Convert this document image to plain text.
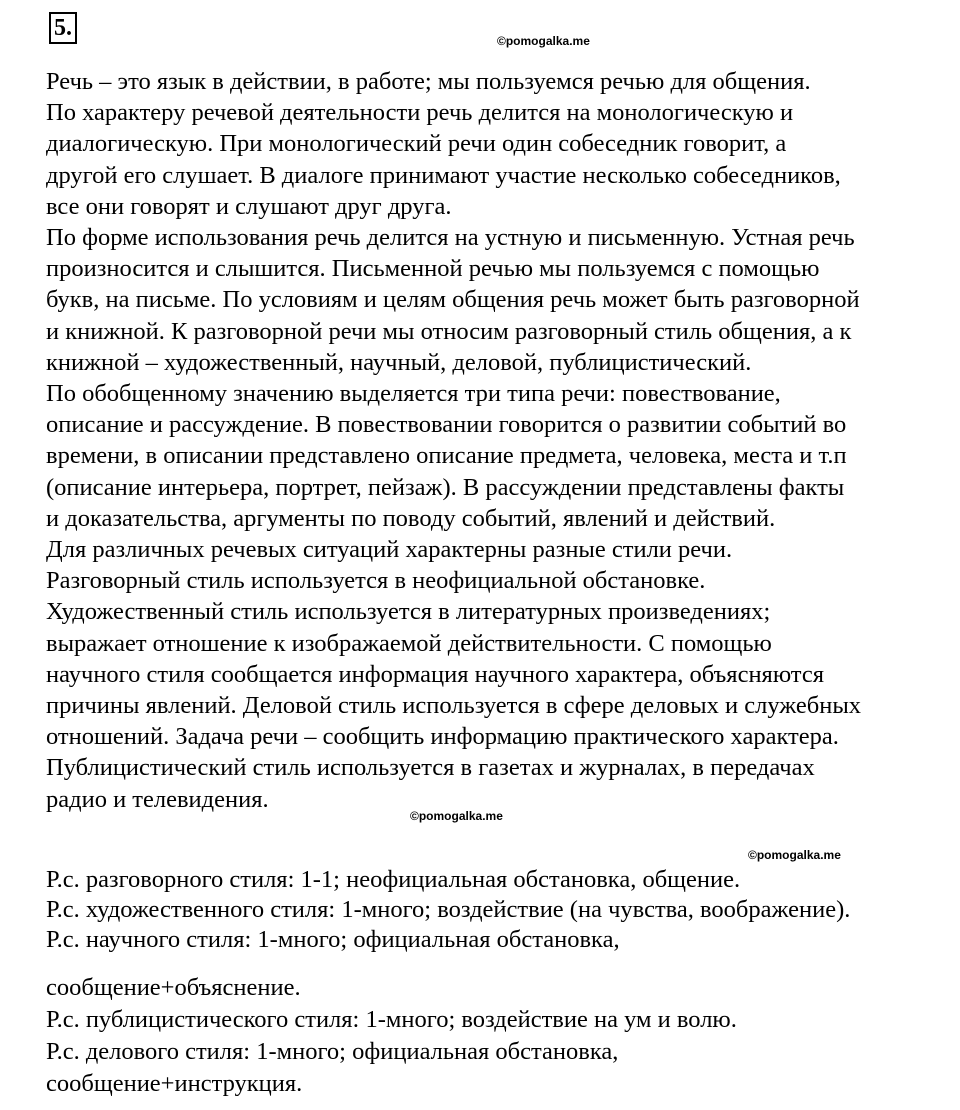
5.	©pomogalka.me
Речь – это язык в действии, в работе; мы пользуемся речью для общения.
По характеру речевой деятельности речь делится на монологическую и
диалогическую. При монологический речи один собеседник говорит, а
другой его слушает. В диалоге принимают участие несколько собеседников,
все они говорят и слушают друг друга.
По форме использования речь делится на устную и письменную. Устная речь
произносится и слышится. Письменной речью мы пользуемся с помощью
букв, на письме. По условиям и целям общения речь может быть разговорной
и книжной. К разговорной речи мы относим разговорный стиль общения, а к
книжной – художественный, научный, деловой, публицистический.
По обобщенному значению выделяется три типа речи: повествование,
описание и рассуждение. В повествовании говорится о развитии событий во
времени, в описании представлено описание предмета, человека, места и т.п
(описание интерьера, портрет, пейзаж). В рассуждении представлены факты
и доказательства, аргументы по поводу событий, явлений и действий.
Для различных речевых ситуаций характерны разные стили речи.
Разговорный стиль используется в неофициальной обстановке.
Художественный стиль используется в литературных произведениях;
выражает отношение к изображаемой действительности. С помощью
научного стиля сообщается информация научного характера, объясняются
причины явлений. Деловой стиль используется в сфере деловых и служебных
отношений. Задача речи – сообщить информацию практического характера.
Публицистический стиль используется в газетах и журналах, в передачах
радио и телевидения.
©pomogalka.me
©pomogalka.me
Р.с. разговорного стиля: 1-1; неофициальная обстановка, общение.
Р.с. художественного стиля: 1-много; воздействие (на чувства, воображение).
Р.с. научного стиля: 1-много; официальная обстановка,
сообщение+объяснение.
Р.с. публицистического стиля: 1-много; воздействие на ум и волю.
Р.с. делового стиля: 1-много; официальная обстановка,
сообщение+инструкция.
